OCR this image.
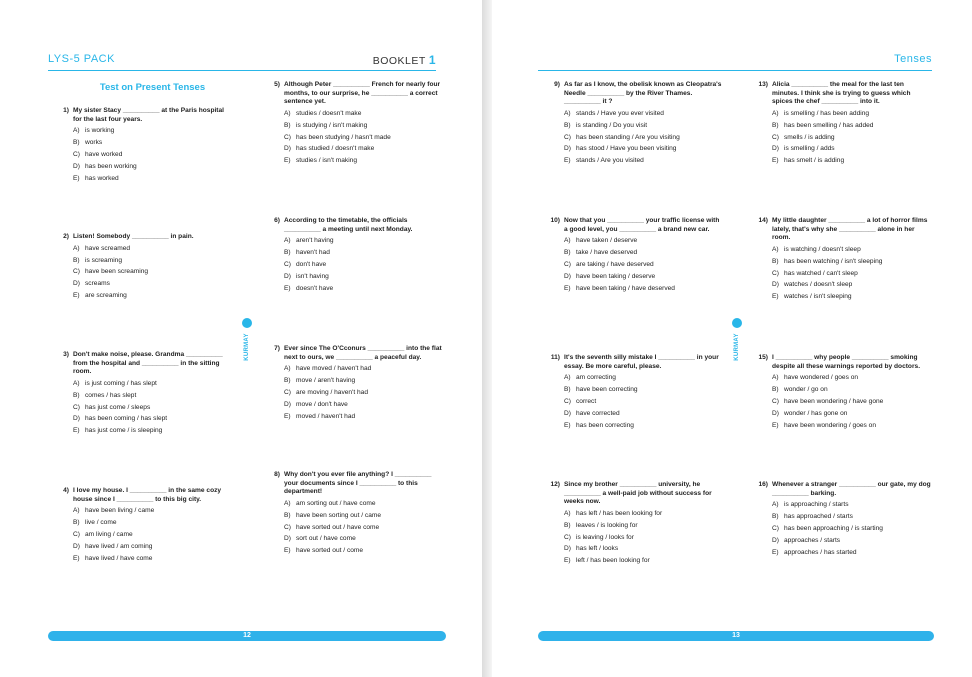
LYS-5 PACK	BOOKLET 1
Test on Present Tenses
KURMAY
12
Tenses
KURMAY
13
1) My sister Stacy __________ at the Paris hospital for the last four years.
A) is working
B) works
C) have worked
D) has been working
E) has worked
2) Listen! Somebody __________ in pain.
A) have screamed
B) is screaming
C) have been screaming
D) screams
E) are screaming
3) Don't make noise, please. Grandma __________ from the hospital and __________ in the sitting room.
A) is just coming / has slept
B) comes / has slept
C) has just come / sleeps
D) has been coming / has slept
E) has just come / is sleeping
4) I love my house. I __________ in the same cozy house since I __________ to this big city.
A) have been living / came
B) live / come
C) am living / came
D) have lived / am coming
E) have lived / have come
5) Although Peter __________ French for nearly four months, to our surprise, he __________ a correct sentence yet.
A) studies / doesn't make
B) is studying / isn't making
C) has been studying / hasn't made
D) has studied / doesn't make
E) studies / isn't making
6) According to the timetable, the officials __________ a meeting until next Monday.
A) aren't having
B) haven't had
C) don't have
D) isn't having
E) doesn't have
7) Ever since The O'Cconurs __________ into the flat next to ours, we __________ a peaceful day.
A) have moved / haven't had
B) move / aren't having
C) are moving / haven't had
D) move / don't have
E) moved / haven't had
8) Why don't you ever file anything? I __________ your documents since I __________ to this department!
A) am sorting out / have come
B) have been sorting out / came
C) have sorted out / have come
D) sort out / have come
E) have sorted out / come
9) As far as I know, the obelisk known as Cleopatra's Needle __________ by the River Thames. __________ it ?
A) stands / Have you ever visited
B) is standing / Do you visit
C) has been standing / Are you visiting
D) has stood / Have you been visiting
E) stands / Are you visited
10) Now that you __________ your traffic license with a good level, you __________ a brand new car.
A) have taken / deserve
B) take / have deserved
C) are taking / have deserved
D) have been taking / deserve
E) have been taking / have deserved
11) It's the seventh silly mistake I __________ in your essay. Be more careful, please.
A) am correcting
B) have been correcting
C) correct
D) have corrected
E) has been correcting
12) Since my brother __________ university, he __________ a well-paid job without success for weeks now.
A) has left / has been looking for
B) leaves / is looking for
C) is leaving / looks for
D) has left / looks
E) left / has been looking for
13) Alicia __________ the meal for the last ten minutes. I think she is trying to guess which spices the chef __________ into it.
A) is smelling / has been adding
B) has been smelling / has added
C) smells / is adding
D) is smelling / adds
E) has smelt / is adding
14) My little daughter __________ a lot of horror films lately, that's why she __________ alone in her room.
A) is watching / doesn't sleep
B) has been watching / isn't sleeping
C) has watched / can't sleep
D) watches / doesn't sleep
E) watches / isn't sleeping
15) I __________ why people __________ smoking despite all these warnings reported by doctors.
A) have wondered / goes on
B) wonder / go on
C) have been wondering / have gone
D) wonder / has gone on
E) have been wondering / goes on
16) Whenever a stranger __________ our gate, my dog __________ barking.
A) is approaching / starts
B) has approached / starts
C) has been approaching / is starting
D) approaches / starts
E) approaches / has started
